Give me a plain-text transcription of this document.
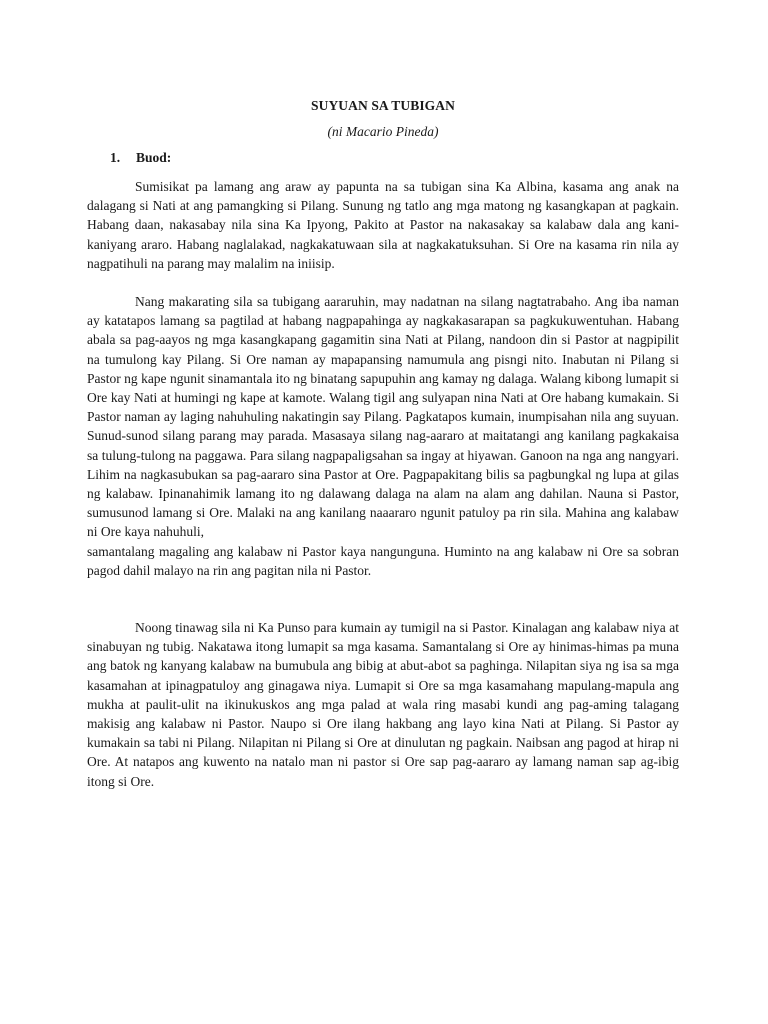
SUYUAN SA TUBIGAN
(ni Macario Pineda)
1. Buod:

Sumisikat pa lamang ang araw ay papunta na sa tubigan sina Ka Albina, kasama ang anak na dalagang si Nati at ang pamangking si Pilang. Sunung ng tatlo ang mga matong ng kasangkapan at pagkain. Habang daan, nakasabay nila sina Ka Ipyong, Pakito at Pastor na nakasakay sa kalabaw dala ang kani-kaniyang araro. Habang naglalakad, nagkakatuwaan sila at nagkakatuksuhan. Si Ore na kasama rin nila ay nagpatihuli na parang may malalim na iniisip.

Nang makarating sila sa tubigang aararuhin, may nadatnan na silang nagtatrabaho. Ang iba naman ay katatapos lamang sa pagtilad at habang nagpapahinga ay nagkakasarapan sa pagkukuwentuhan. Habang abala sa pag-aayos ng mga kasangkapang gagamitin sina Nati at Pilang, nandoon din si Pastor at nagpipilit na tumulong kay Pilang. Si Ore naman ay mapapansing namumula ang pisngi nito. Inabutan ni Pilang si Pastor ng kape ngunit sinamantala ito ng binatang sapupuhin ang kamay ng dalaga. Walang kibong lumapit si Ore kay Nati at humingi ng kape at kamote. Walang tigil ang sulyapan nina Nati at Ore habang kumakain. Si Pastor naman ay laging nahuhuling nakatingin say Pilang. Pagkatapos kumain, inumpisahan nila ang suyuan. Sunud-sunod silang parang may parada. Masasaya silang nag-aararo at maitatangi ang kanilang pagkakaisa sa tulung-tulong na paggawa. Para silang nagpapaligsahan sa ingay at hiyawan. Ganoon na nga ang nangyari. Lihim na nagkasubukan sa pag-aararo sina Pastor at Ore. Pagpapakitang bilis sa pagbungkal ng lupa at gilas ng kalabaw. Ipinanahimik lamang ito ng dalawang dalaga na alam na alam ang dahilan. Nauna si Pastor, sumusunod lamang si Ore. Malaki na ang kanilang naaararo ngunit patuloy pa rin sila. Mahina ang kalabaw ni Ore kaya nahuhuli,

samantalang magaling ang kalabaw ni Pastor kaya nangunguna. Huminto na ang kalabaw ni Ore sa sobran pagod dahil malayo na rin ang pagitan nila ni Pastor.

Noong tinawag sila ni Ka Punso para kumain ay tumigil na si Pastor. Kinalagan ang kalabaw niya at sinabuyan ng tubig. Nakatawa itong lumapit sa mga kasama. Samantalang si Ore ay hinimas-himas pa muna ang batok ng kanyang kalabaw na bumubula ang bibig at abut-abot sa paghinga. Nilapitan siya ng isa sa mga kasamahan at ipinagpatuloy ang ginagawa niya. Lumapit si Ore sa mga kasamahang mapulang-mapula ang mukha at paulit-ulit na ikinukuskos ang mga palad at wala ring masabi kundi ang pag-aming talagang makisig ang kalabaw ni Pastor. Naupo si Ore ilang hakbang ang layo kina Nati at Pilang. Si Pastor ay kumakain sa tabi ni Pilang. Nilapitan ni Pilang si Ore at dinulutan ng pagkain. Naibsan ang pagod at hirap ni Ore. At natapos ang kuwento na natalo man ni pastor si Ore sap pag-aararo ay lamang naman sap ag-ibig itong si Ore.
